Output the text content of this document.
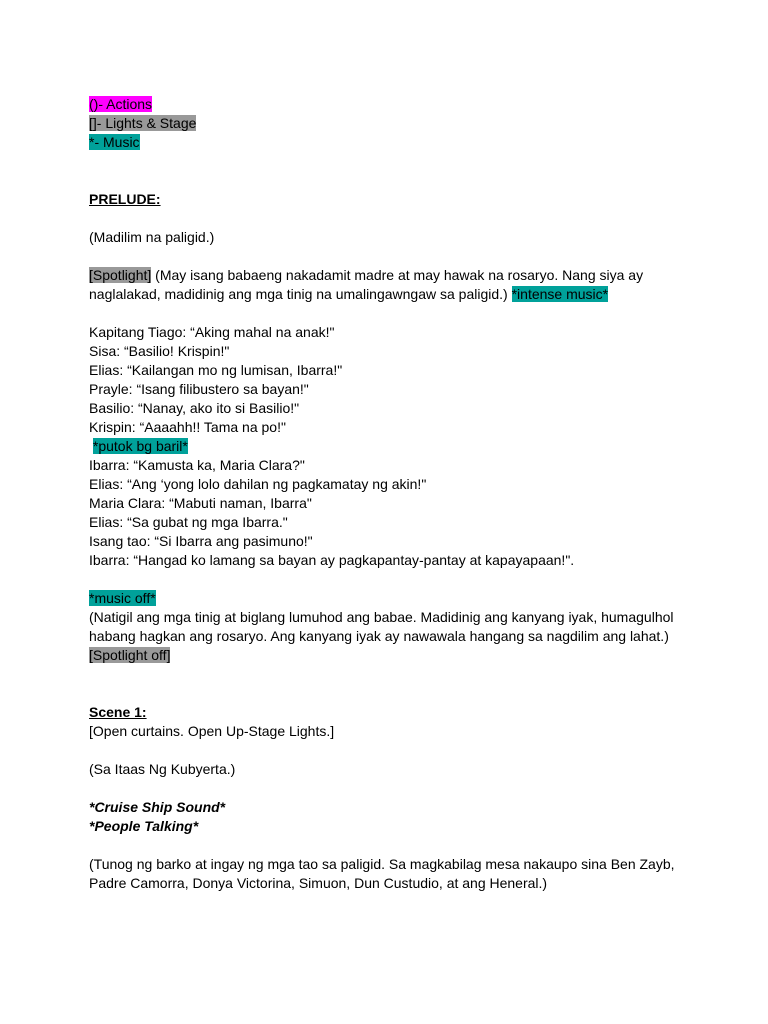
()- Actions
[]- Lights & Stage
*- Music
PRELUDE:
(Madilim na paligid.)
[Spotlight] (May isang babaeng nakadamit madre at may hawak na rosaryo. Nang siya ay
naglalakad, madidinig ang mga tinig na umalingawngaw sa paligid.) *intense music*
Kapitang Tiago: “Aking mahal na anak!"
Sisa: “Basilio! Krispin!"
Elias: “Kailangan mo ng lumisan, Ibarra!"
Prayle: “Isang filibustero sa bayan!"
Basilio: “Nanay, ako ito si Basilio!"
Krispin: “Aaaahh!! Tama na po!"
*putok bg baril*
Ibarra: “Kamusta ka, Maria Clara?"
Elias: “Ang ‘yong lolo dahilan ng pagkamatay ng akin!"
Maria Clara: “Mabuti naman, Ibarra"
Elias: “Sa gubat ng mga Ibarra."
Isang tao: “Si Ibarra ang pasimuno!"
Ibarra: “Hangad ko lamang sa bayan ay pagkapantay-pantay at kapayapaan!".
*music off*
(Natigil ang mga tinig at biglang lumuhod ang babae. Madidinig ang kanyang iyak, humagulhol
habang hagkan ang rosaryo. Ang kanyang iyak ay nawawala hangang sa nagdilim ang lahat.)
[Spotlight off]
Scene 1:
[Open curtains. Open Up-Stage Lights.]
(Sa Itaas Ng Kubyerta.)
*Cruise Ship Sound*
*People Talking*
(Tunog ng barko at ingay ng mga tao sa paligid. Sa magkabilag mesa nakaupo sina Ben Zayb,
Padre Camorra, Donya Victorina, Simuon, Dun Custudio, at ang Heneral.)
